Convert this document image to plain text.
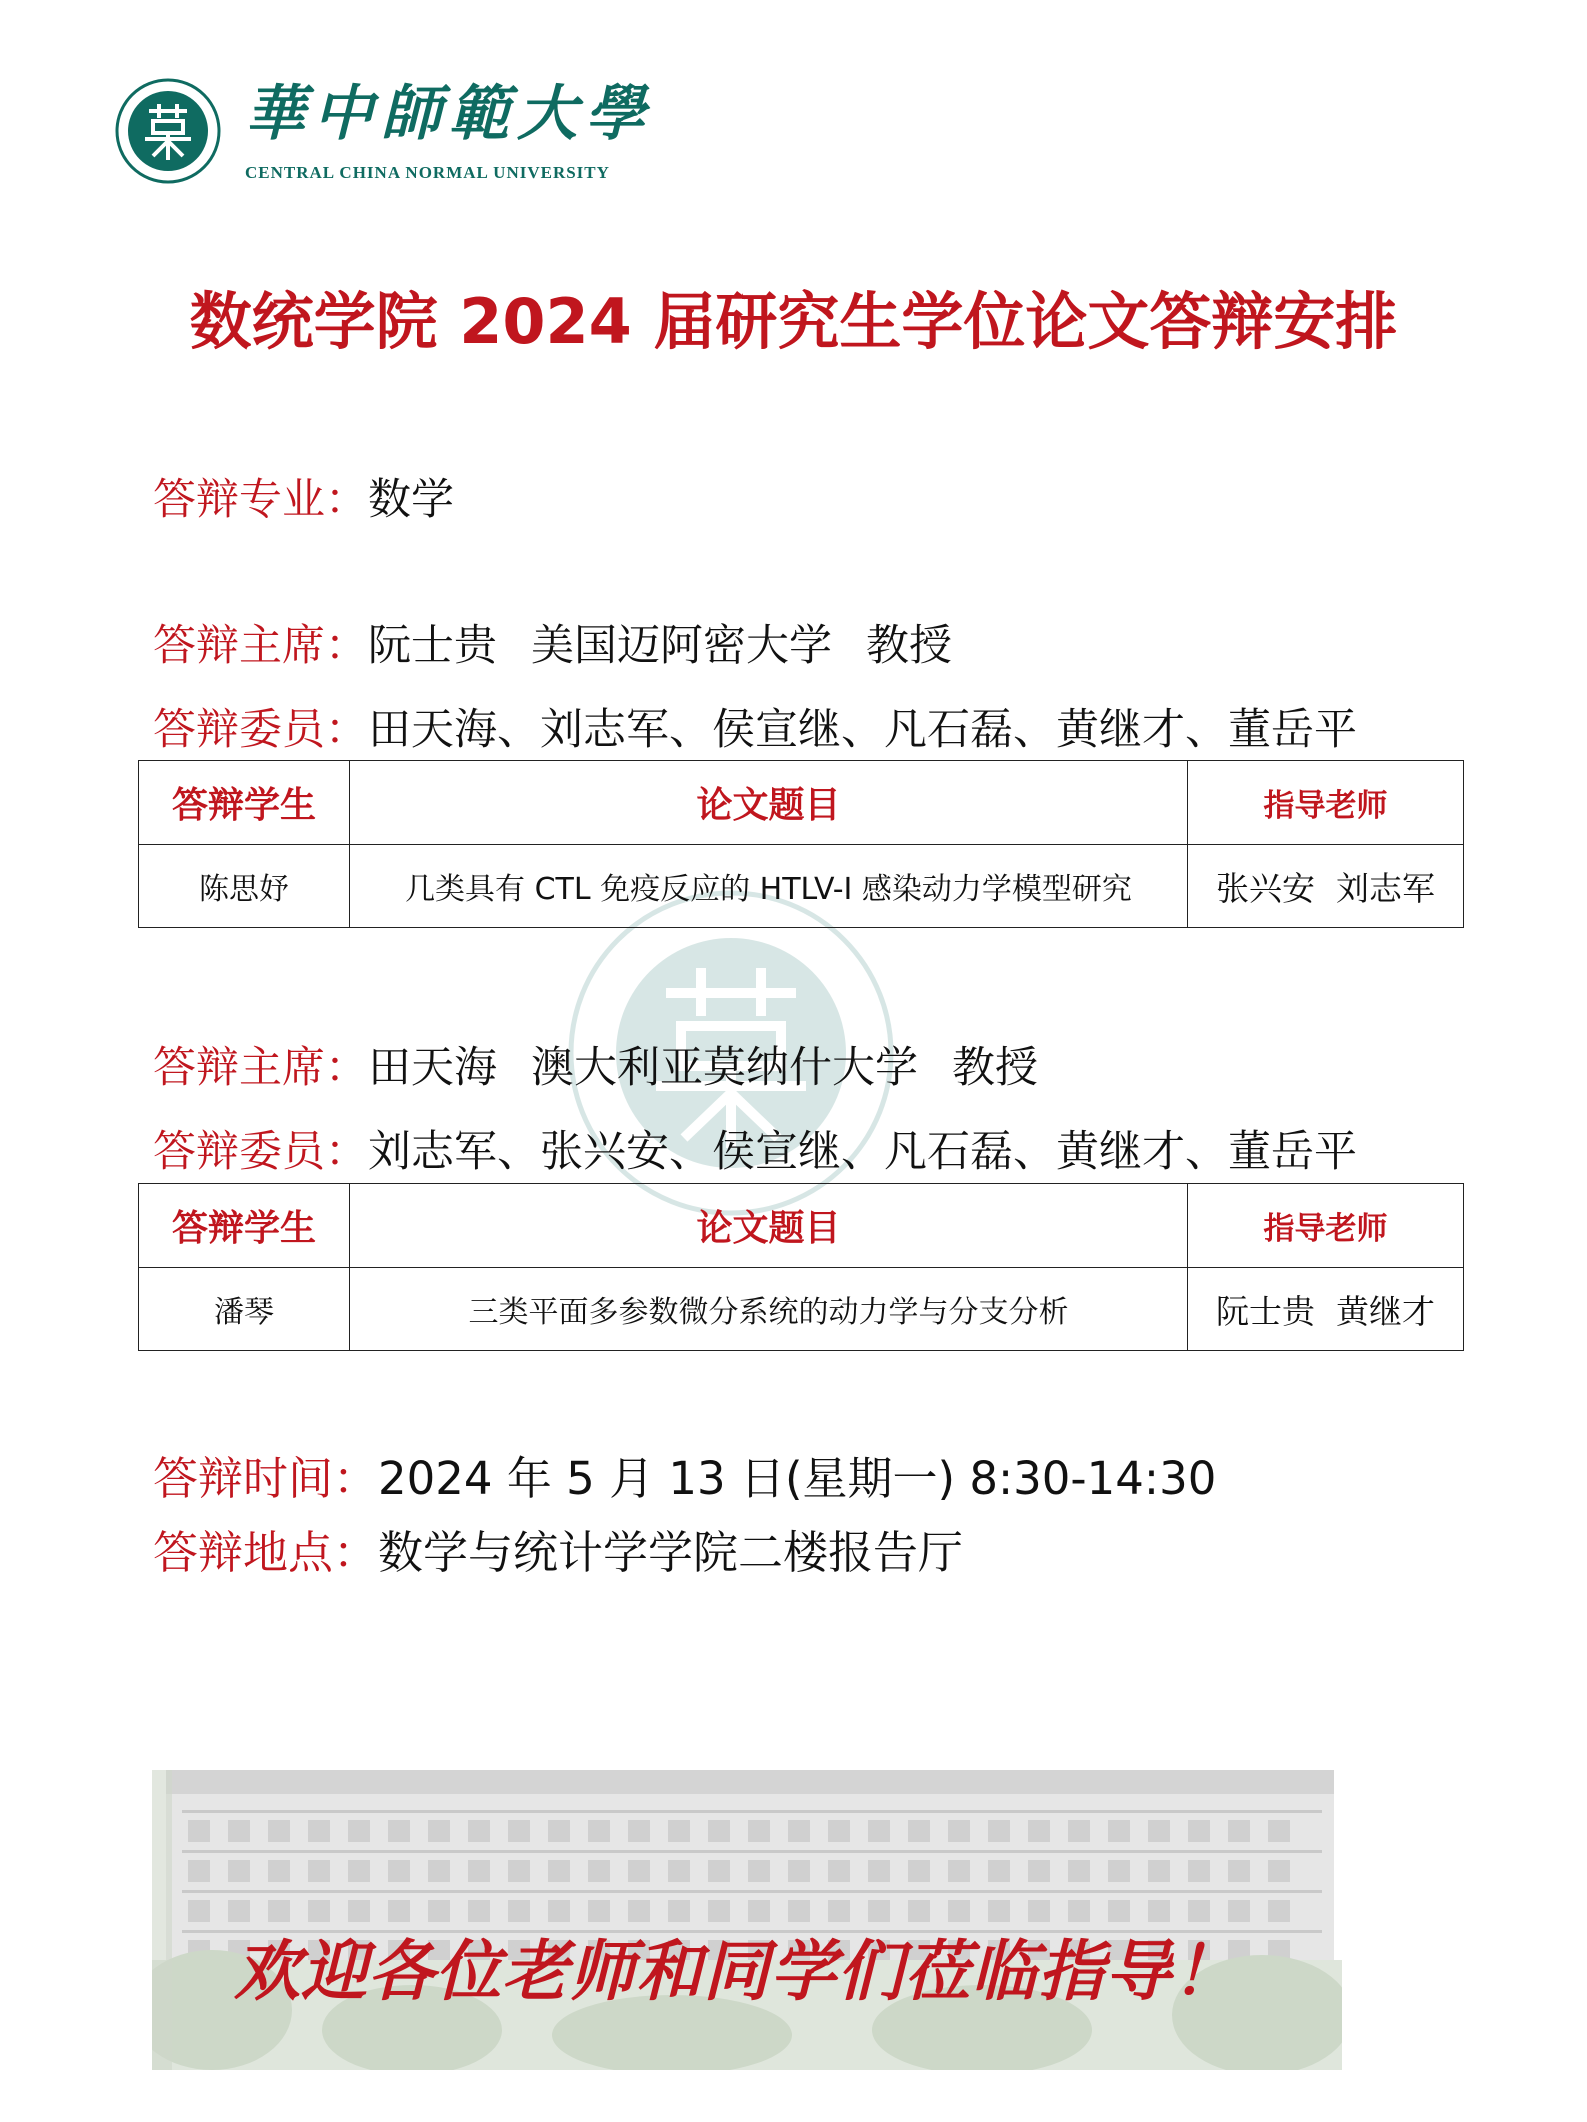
華中師範大學
CENTRAL CHINA NORMAL UNIVERSITY
数统学院 2024 届研究生学位论文答辩安排
答辩专业：数学
答辩主席：阮士贵 美国迈阿密大学 教授
答辩委员：田天海、刘志军、侯宣继、凡石磊、黄继才、董岳平
答辩学生	论文题目	指导老师
陈思妤	几类具有 CTL 免疫反应的 HTLV-I 感染动力学模型研究	张兴安  刘志军
答辩主席：田天海 澳大利亚莫纳什大学 教授
答辩委员：刘志军、张兴安、侯宣继、凡石磊、黄继才、董岳平
答辩学生	论文题目	指导老师
潘琴	三类平面多参数微分系统的动力学与分支分析	阮士贵  黄继才
答辩时间：2024 年 5 月 13 日(星期一) 8:30-14:30
答辩地点：数学与统计学学院二楼报告厅
欢迎各位老师和同学们莅临指导！
